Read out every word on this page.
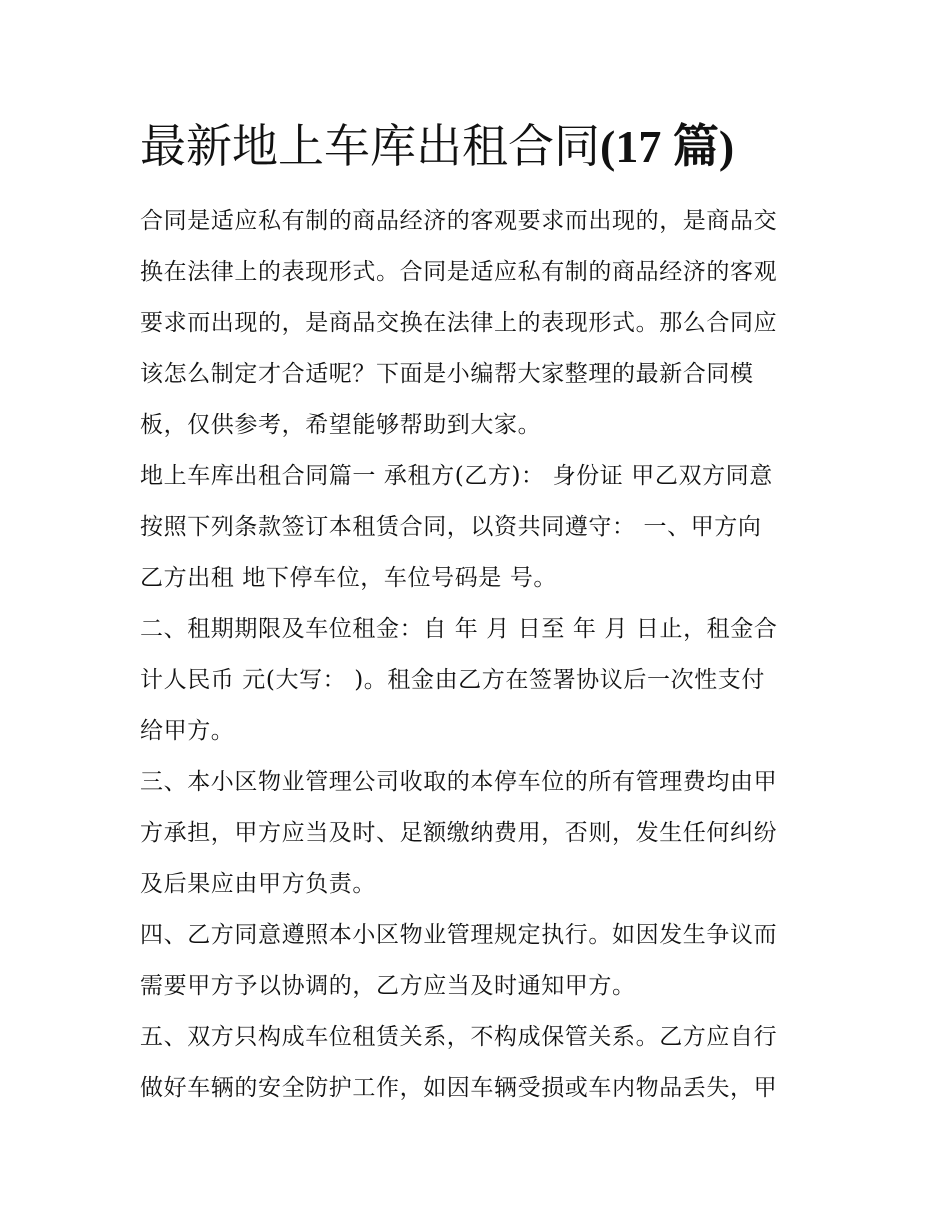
最新地上车库出租合同(17 篇)

合同是适应私有制的商品经济的客观要求而出现的，是商品交
换在法律上的表现形式。合同是适应私有制的商品经济的客观
要求而出现的，是商品交换在法律上的表现形式。那么合同应
该怎么制定才合适呢？下面是小编帮大家整理的最新合同模
板，仅供参考，希望能够帮助到大家。

地上车库出租合同篇一 承租方(乙方)： 身份证 甲乙双方同意
按照下列条款签订本租赁合同，以资共同遵守： 一、甲方向
乙方出租 地下停车位，车位号码是 号。

二、租期期限及车位租金：自 年 月 日至 年 月 日止，租金合
计人民币 元(大写： )。租金由乙方在签署协议后一次性支付
给甲方。

三、本小区物业管理公司收取的本停车位的所有管理费均由甲
方承担，甲方应当及时、足额缴纳费用，否则，发生任何纠纷
及后果应由甲方负责。

四、乙方同意遵照本小区物业管理规定执行。如因发生争议而
需要甲方予以协调的，乙方应当及时通知甲方。

五、双方只构成车位租赁关系，不构成保管关系。乙方应自行
做好车辆的安全防护工作，如因车辆受损或车内物品丢失，甲
